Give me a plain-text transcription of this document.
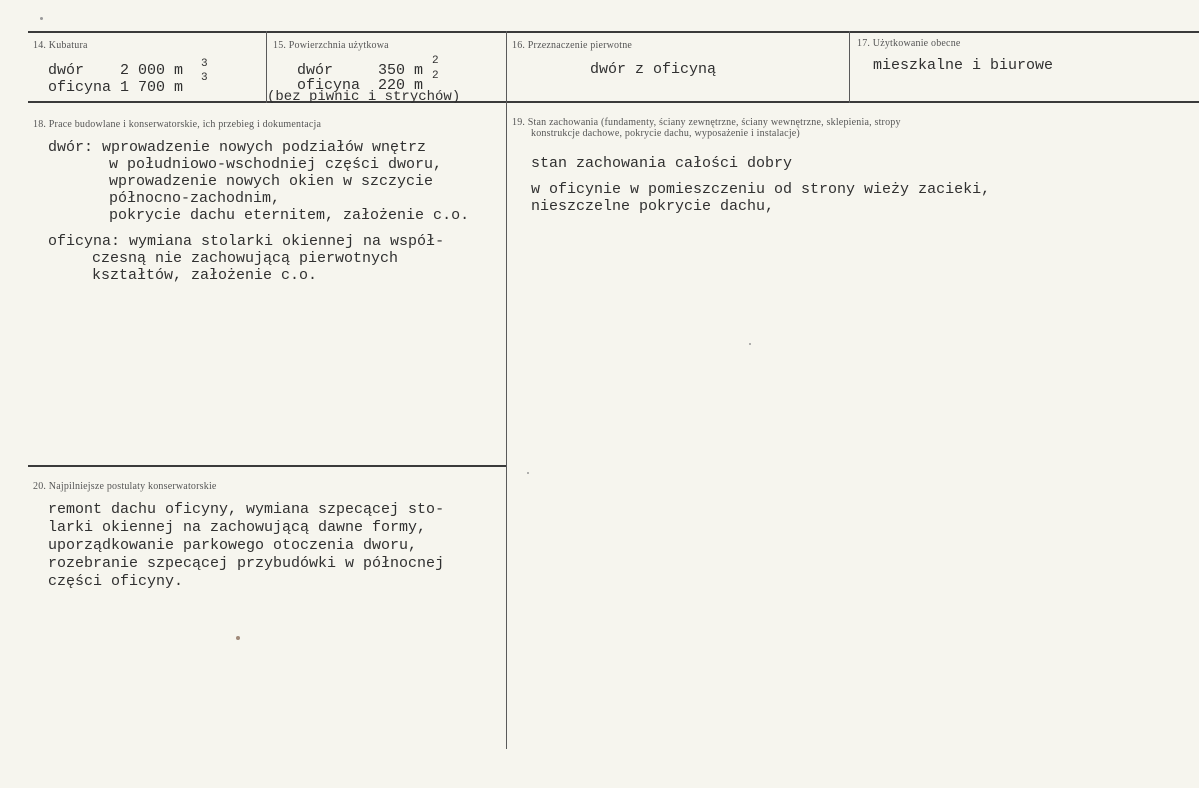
14. Kubatura
dwór    2 000 m 3
oficyna 1 700 m
3
15. Powierzchnia użytkowa
dwór     350 m
2
oficyna  220 m
2
(bez piwnic i strychów)
16. Przeznaczenie pierwotne
dwór z oficyną
17. Użytkowanie obecne
mieszkalne i biurowe
18. Prace budowlane i konserwatorskie, ich przebieg i dokumentacja
dwór: wprowadzenie nowych podziałów wnętrz
w południowo-wschodniej części dworu,
wprowadzenie nowych okien w szczycie
północno-zachodnim,
pokrycie dachu eternitem, założenie c.o.
oficyna: wymiana stolarki okiennej na współ-
czesną nie zachowującą pierwotnych
kształtów, założenie c.o.
19. Stan zachowania (fundamenty, ściany zewnętrzne, ściany wewnętrzne, sklepienia, stropy
konstrukcje dachowe, pokrycie dachu, wyposażenie i instalacje)
stan zachowania całości dobry
w oficynie w pomieszczeniu od strony wieży zacieki,
nieszczelne pokrycie dachu,
20. Najpilniejsze postulaty konserwatorskie
remont dachu oficyny, wymiana szpecącej sto-
larki okiennej na zachowującą dawne formy,
uporządkowanie parkowego otoczenia dworu,
rozebranie szpecącej przybudówki w północnej
części oficyny.
